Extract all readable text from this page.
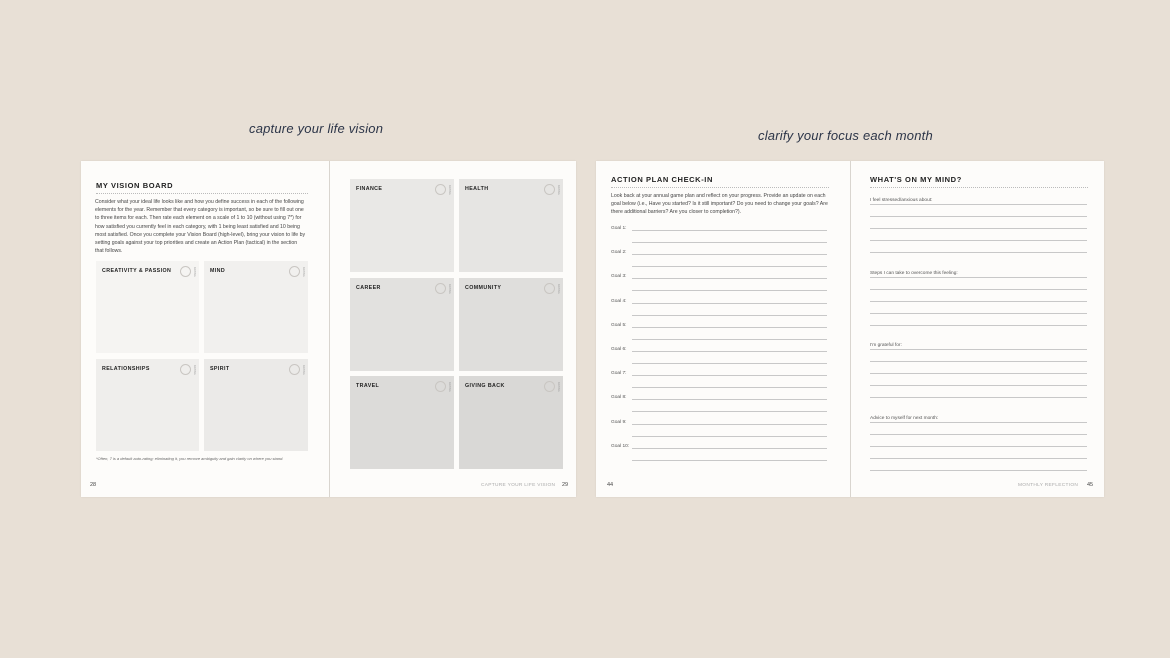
capture your life vision	clarify your focus each month
MY VISION BOARD
Consider what your ideal life looks like and how you define success in each of the following elements for the year. Remember that every category is important, so be sure to fill out one to three items for each. Then rate each element on a scale of 1 to 10 (without using 7*) for how satisfied you currently feel in each category, with 1 being least satisfied and 10 being most satisfied. Once you complete your Vision Board (high-level), bring your vision to life by setting goals against your top priorities and create an Action Plan (tactical) in the section that follows.
CREATIVITY & PASSION	RATING	MIND	RATING
RELATIONSHIPS	RATING	SPIRIT	RATING
*Often, 7 is a default auto-rating; eliminating it, you remove ambiguity and gain clarity on where you stand.
28
FINANCE	RATING	HEALTH	RATING
CAREER	RATING	COMMUNITY	RATING
TRAVEL	RATING	GIVING BACK	RATING
CAPTURE YOUR LIFE VISION 29
ACTION PLAN CHECK-IN
Look back at your annual game plan and reflect on your progress. Provide an update on each goal below (i.e., Have you started? Is it still important? Do you need to change your goals? Are there additional barriers? Are you closer to completion?).
Goal 1:
Goal 2:
Goal 3:
Goal 4:
Goal 5:
Goal 6:
Goal 7:
Goal 8:
Goal 9:
Goal 10:
44
WHAT'S ON MY MIND?
I feel stressed/anxious about:
Steps I can take to overcome this feeling:
I'm grateful for:
Advice to myself for next month:
MONTHLY REFLECTION 45
